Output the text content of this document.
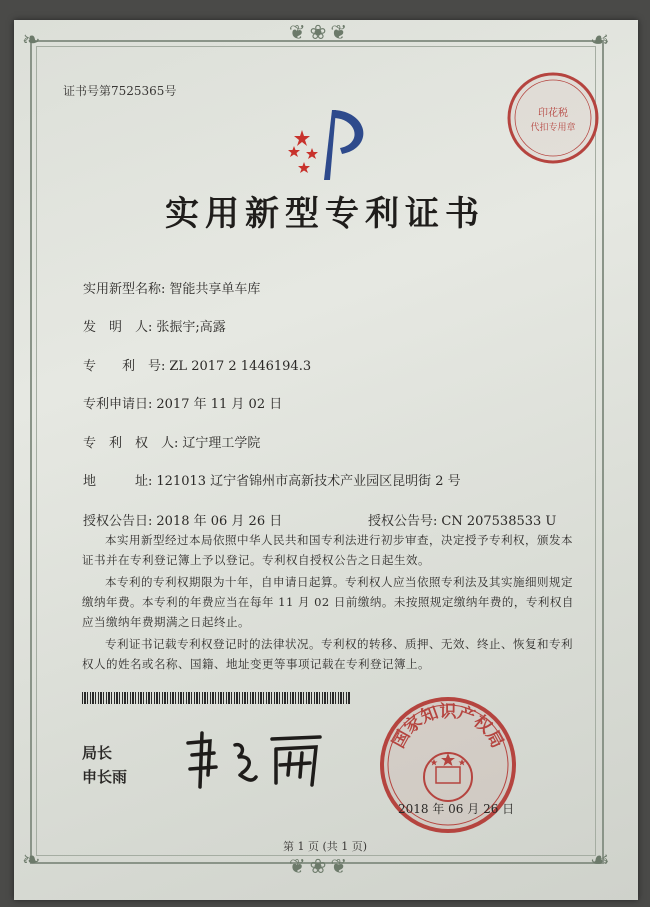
❦❀❦
❦❀❦
❧	☙
❧	☙
证书号第7525365号
实用新型专利证书
实用新型名称: 智能共享单车库
发　明　人: 张振宇;高露
专　　利　号: ZL 2017 2 1446194.3
专利申请日: 2017 年 11 月 02 日
专　利　权　人: 辽宁理工学院
地　　　址: 121013 辽宁省锦州市高新技术产业园区昆明街 2 号
授权公告日: 2018 年 06 月 26 日	授权公告号: CN 207538533 U

本实用新型经过本局依照中华人民共和国专利法进行初步审查，决定授予专利权，颁发本证书并在专利登记簿上予以登记。专利权自授权公告之日起生效。

本专利的专利权期限为十年，自申请日起算。专利权人应当依照专利法及其实施细则规定缴纳年费。本专利的年费应当在每年 11 月 02 日前缴纳。未按照规定缴纳年费的，专利权自应当缴纳年费期满之日起终止。

专利证书记载专利权登记时的法律状况。专利权的转移、质押、无效、终止、恢复和专利权人的姓名或名称、国籍、地址变更等事项记载在专利登记簿上。

局长
申长雨
国家知识产权局
2018 年 06 月 26 日
印花税
代扣专用章
第 1 页 (共 1 页)
